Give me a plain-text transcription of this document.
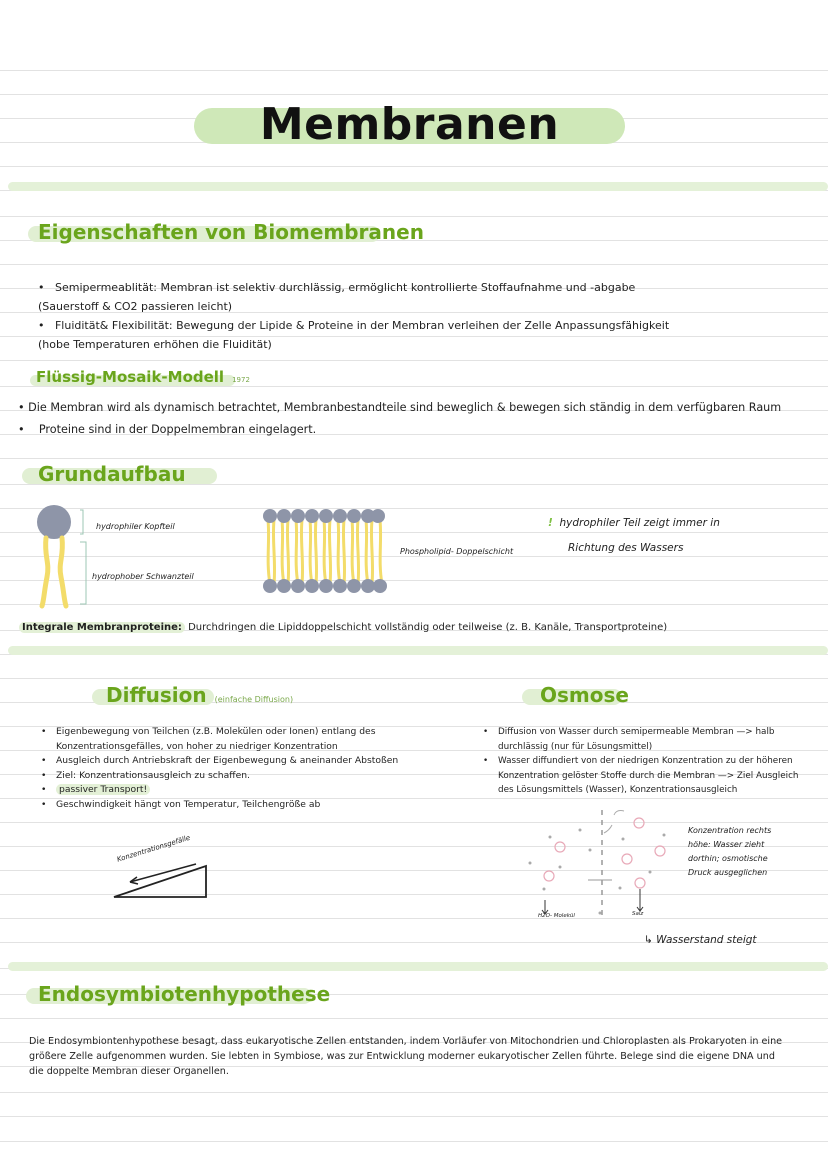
Membranen
Eigenschaften von Biomembranen
•   Semipermeablität: Membran ist selektiv durchlässig, ermöglicht kontrollierte Stoffaufnahme und -abgabe
(Sauerstoff & CO2 passieren leicht)
•   Fluidität& Flexibilität: Bewegung der Lipide & Proteine in der Membran verleihen der Zelle Anpassungsfähigkeit
(hobe Temperaturen erhöhen die Fluidität)
Flüssig-Mosaik-Modell 1972
• Die Membran wird als dynamisch betrachtet, Membranbestandteile sind beweglich & bewegen sich ständig in dem verfügbaren Raum
•    Proteine sind in der Doppelmembran eingelagert.
Grundaufbau
hydrophiler Kopfteil
hydrophober Schwanzteil
Phospholipid- Doppelschicht
! hydrophiler Teil zeigt immer in
Richtung des Wassers
Integrale Membranproteine: Durchdringen die Lipiddoppelschicht vollständig oder teilweise (z. B. Kanäle, Transportproteine)
Diffusion (einfache Diffusion)
• Eigenbewegung von Teilchen (z.B. Molekülen oder Ionen) entlang des
Konzentrationsgefälles, von hoher zu niedriger Konzentration
• Ausgleich durch Antriebskraft der Eigenbewegung & aneinander Abstoßen
• Ziel: Konzentrationsausgleich zu schaffen.
• passiver Transport!
• Geschwindigkeit hängt von Temperatur, Teilchengröße ab
Konzentrationsgefälle
Osmose
• Diffusion von Wasser durch semipermeable Membran —> halb
durchlässig (nur für Lösungsmittel)
• Wasser diffundiert von der niedrigen Konzentration zu der höheren
Konzentration gelöster Stoffe durch die Membran —> Ziel Ausgleich
des Lösungsmittels (Wasser), Konzentrationsausgleich
H2O- Molekül	Salz
Konzentration rechts
höhe: Wasser zieht
dorthin; osmotische
Druck ausgeglichen
↳ Wasserstand steigt
Endosymbiotenhypothese
Die Endosymbiontenhypothese besagt, dass eukaryotische Zellen entstanden, indem Vorläufer von Mitochondrien und Chloroplasten als Prokaryoten in eine
größere Zelle aufgenommen wurden. Sie lebten in Symbiose, was zur Entwicklung moderner eukaryotischer Zellen führte. Belege sind die eigene DNA und
die doppelte Membran dieser Organellen.
